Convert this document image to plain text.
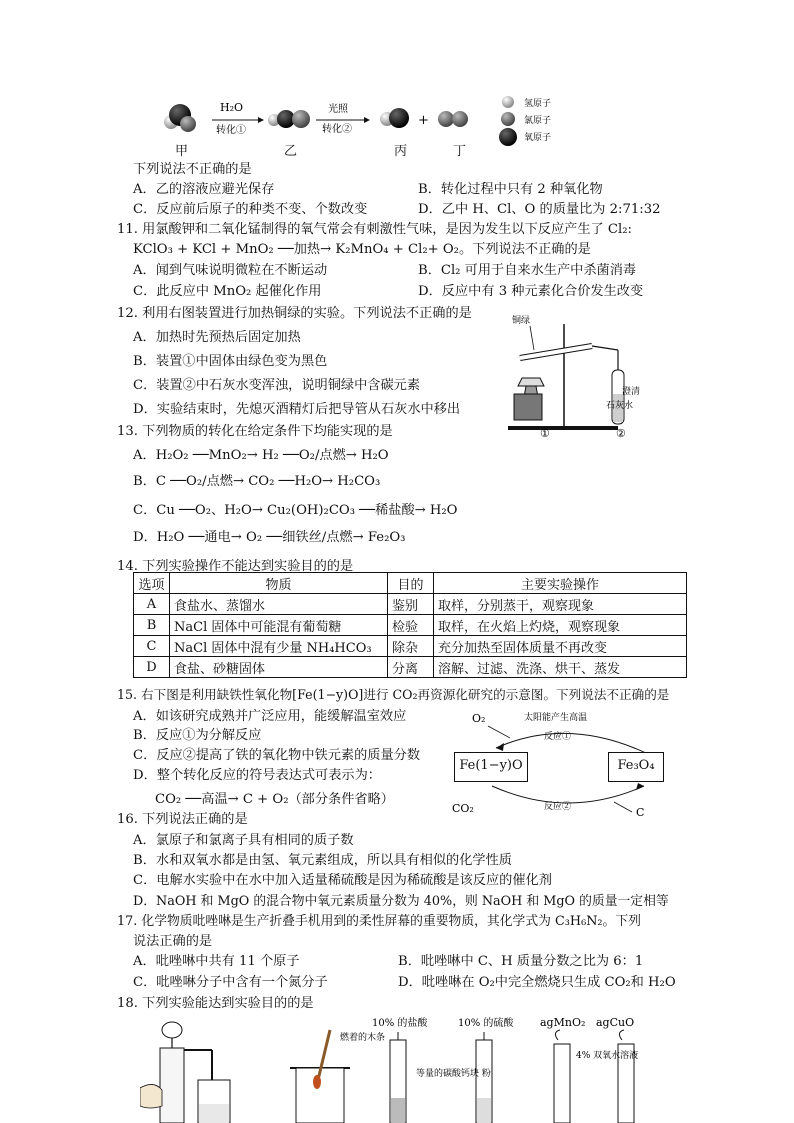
H₂O
转化①
光照
转化②
+
氢原子
氯原子
氧原子
甲	乙	丙	丁
下列说法不正确的是
A．乙的溶液应避光保存	B．转化过程中只有 2 种氧化物
C．反应前后原子的种类不变、个数改变	D．乙中 H、Cl、O 的质量比为 2:71:32
11. 用氯酸钾和二氧化锰制得的氧气常会有刺激性气味，是因为发生以下反应产生了 Cl₂:
KClO₃ + KCl + MnO₂ ──加热→ K₂MnO₄ + Cl₂+ O₂。下列说法不正确的是
A．闻到气味说明微粒在不断运动	B．Cl₂ 可用于自来水生产中杀菌消毒
C．此反应中 MnO₂ 起催化作用	D．反应中有 3 种元素化合价发生改变
12. 利用右图装置进行加热铜绿的实验。下列说法不正确的是
A．加热时先预热后固定加热
B．装置①中固体由绿色变为黑色
C．装置②中石灰水变浑浊，说明铜绿中含碳元素
D．实验结束时，先熄灭酒精灯后把导管从石灰水中移出
铜绿
澄清
石灰水
①	②
13. 下列物质的转化在给定条件下均能实现的是
A．H₂O₂ ──MnO₂→ H₂ ──O₂/点燃→ H₂O
B．C ──O₂/点燃→ CO₂ ──H₂O→ H₂CO₃
C．Cu ──O₂、H₂O→ Cu₂(OH)₂CO₃ ──稀盐酸→ H₂O
D．H₂O ──通电→ O₂ ──细铁丝/点燃→ Fe₂O₃
14. 下列实验操作不能达到实验目的的是
选项	物质	目的	主要实验操作
A	食盐水、蒸馏水	鉴别	取样，分别蒸干，观察现象
B	NaCl 固体中可能混有葡萄糖	检验	取样，在火焰上灼烧，观察现象
C	NaCl 固体中混有少量 NH₄HCO₃	除杂	充分加热至固体质量不再改变
D	食盐、砂糖固体	分离	溶解、过滤、洗涤、烘干、蒸发
15. 右下图是利用缺铁性氧化物[Fe(1−y)O]进行 CO₂再资源化研究的示意图。下列说法不正确的是
A．如该研究成熟并广泛应用，能缓解温室效应
B．反应①为分解反应
C．反应②提高了铁的氧化物中铁元素的质量分数
D．整个转化反应的符号表达式可表示为：
CO₂ ──高温→ C + O₂（部分条件省略）
O₂	太阳能产生高温
反应①
反应②
CO₂	C
Fe(1−y)O	Fe₃O₄
16. 下列说法正确的是
A．氯原子和氯离子具有相同的质子数
B．水和双氧水都是由氢、氧元素组成，所以具有相似的化学性质
C．电解水实验中在水中加入适量稀硫酸是因为稀硫酸是该反应的催化剂
D．NaOH 和 MgO 的混合物中氧元素质量分数为 40%，则 NaOH 和 MgO 的质量一定相等
17. 化学物质吡唑啉是生产折叠手机用到的柔性屏幕的重要物质，其化学式为 C₃H₆N₂。下列
说法正确的是
A．吡唑啉中共有 11 个原子	B．吡唑啉中 C、H 质量分数之比为 6：1
C．吡唑啉分子中含有一个氮分子	D．吡唑啉在 O₂中完全燃烧只生成 CO₂和 H₂O
18. 下列实验能达到实验目的的是
燃着的木条
10% 的盐酸	10% 的硫酸
等量的碳酸钙块 粉
agMnO₂ agCuO
4% 双氧水溶液
